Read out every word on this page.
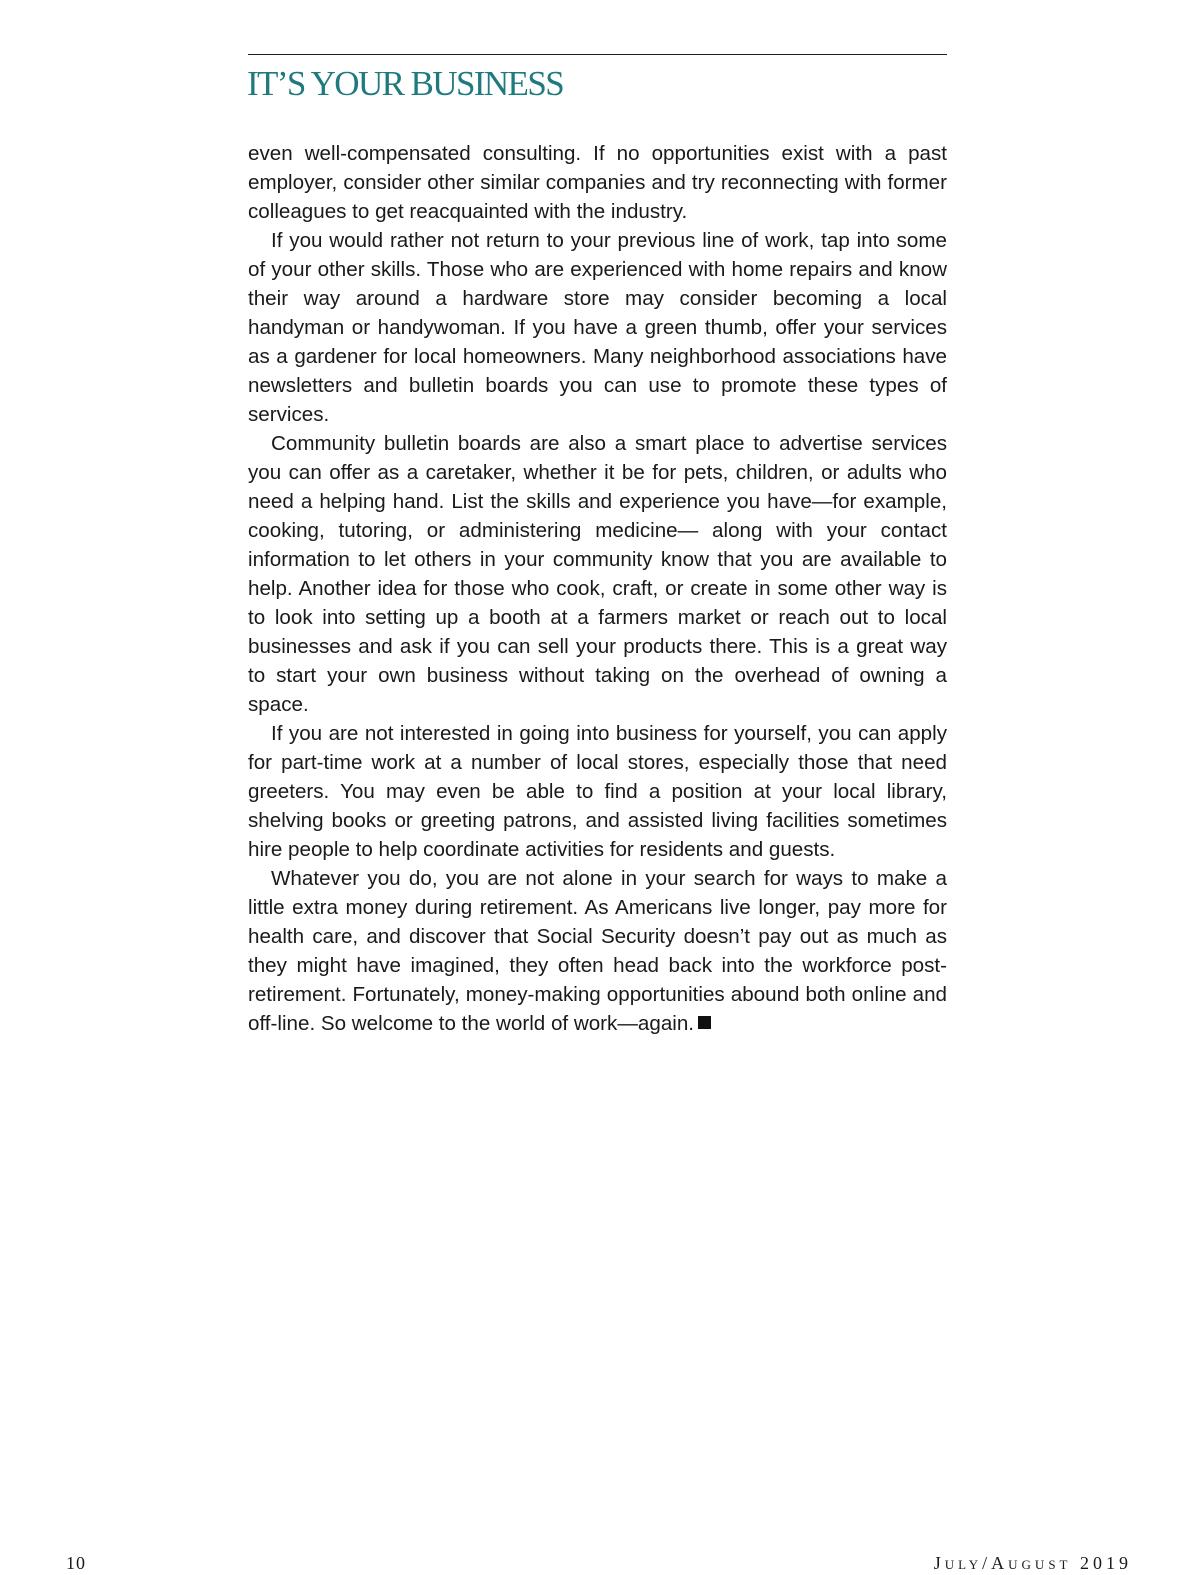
IT’S YOUR BUSINESS

even well-compensated consulting. If no opportunities exist with a past employer, consider other similar companies and try reconnecting with former colleagues to get reacquainted with the industry.

If you would rather not return to your previous line of work, tap into some of your other skills. Those who are experienced with home repairs and know their way around a hardware store may consider becoming a local handyman or handywoman. If you have a green thumb, offer your services as a gardener for local homeowners. Many neighborhood associations have newsletters and bulletin boards you can use to promote these types of services.

Community bulletin boards are also a smart place to advertise services you can offer as a caretaker, whether it be for pets, children, or adults who need a helping hand. List the skills and experience you have—for example, cooking, tutoring, or administering medicine— along with your contact information to let others in your community know that you are available to help. Another idea for those who cook, craft, or create in some other way is to look into setting up a booth at a farmers market or reach out to local businesses and ask if you can sell your products there. This is a great way to start your own business without taking on the overhead of owning a space.

If you are not interested in going into business for yourself, you can apply for part-time work at a number of local stores, especially those that need greeters. You may even be able to find a position at your local library, shelving books or greeting patrons, and assisted living facilities sometimes hire people to help coordinate activities for residents and guests.

Whatever you do, you are not alone in your search for ways to make a little extra money during retirement. As Americans live longer, pay more for health care, and discover that Social Security doesn’t pay out as much as they might have imagined, they often head back into the workforce post-retirement. Fortunately, money-making opportunities abound both online and off-line. So welcome to the world of work—again.

10	July/August 2019
